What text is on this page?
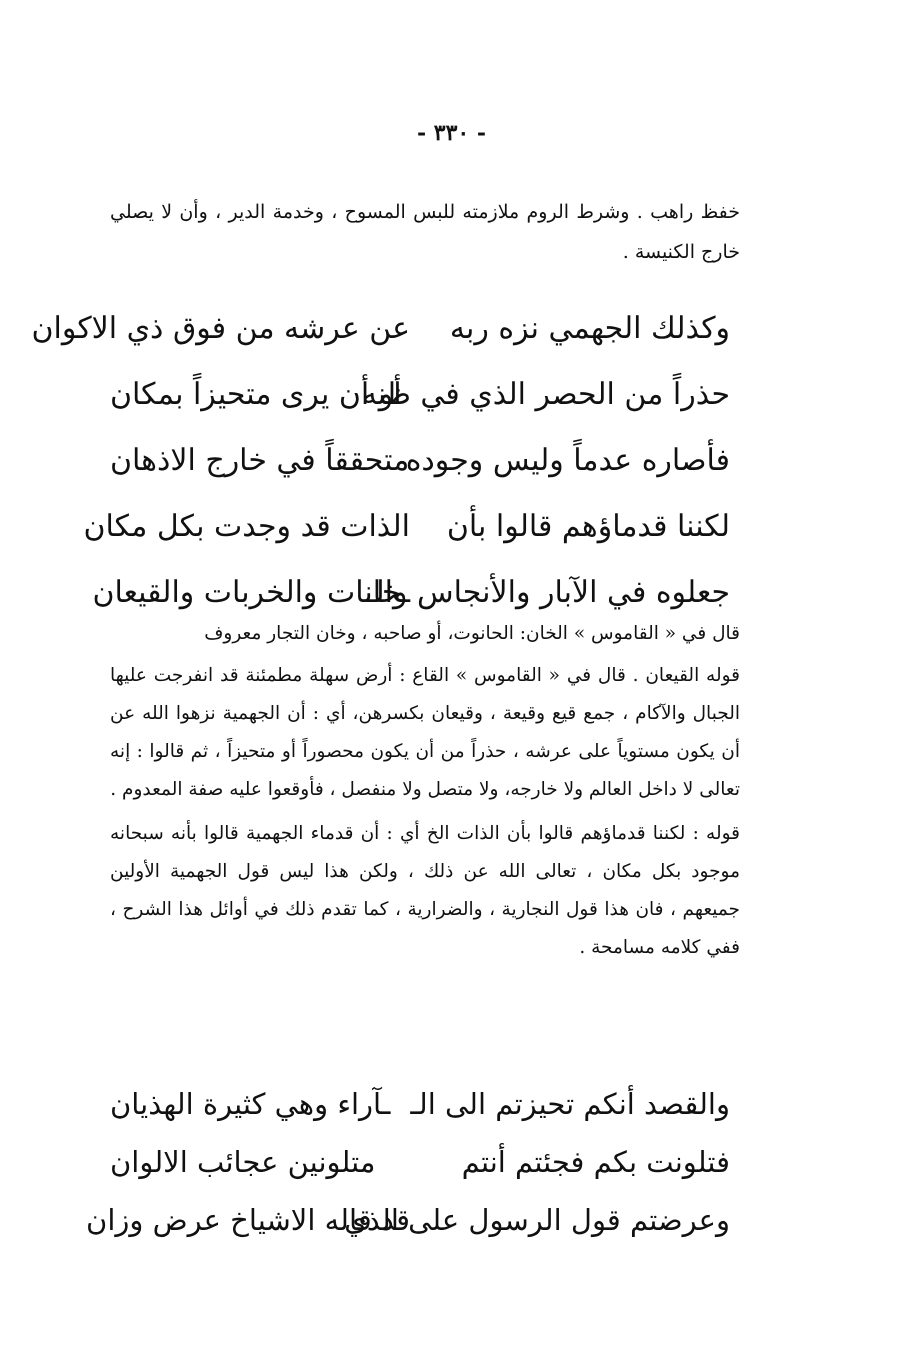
- ٣٣٠ -
خفظ راهب . وشرط الروم ملازمته للبس المسوح ، وخدمة الدير ، وأن لا يصلي خارج الكنيسة .
وكذلك الجهمي نزه ربه
عن عرشه من فوق ذي الاكوان
حذراً من الحصر الذي في ظنه
أو أن يرى متحيزاً بمكان
فأصاره عدماً وليس وجوده
متحققاً في خارج الاذهان
لكننا قدماؤهم قالوا بأن
الذات قد وجدت بكل مكان
جعلوه في الآبار والأنجاس والـ
ـخانات والخربات والقيعان

قال في « القاموس » الخان: الحانوت، أو صاحبه ، وخان التجار معروف

قوله القيعان . قال في « القاموس » القاع : أرض سهلة مطمئنة قد انفرجت عليها الجبال والآكام ، جمع قيع وقيعة ، وقيعان بكسرهن، أي : أن الجهمية نزهوا الله عن أن يكون مستوياً على عرشه ، حذراً من أن يكون محصوراً أو متحيزاً ، ثم قالوا : إنه تعالى لا داخل العالم ولا خارجه، ولا متصل ولا منفصل ، فأوقعوا عليه صفة المعدوم .

قوله : لكننا قدماؤهم قالوا بأن الذات الخ أي : أن قدماء الجهمية قالوا بأنه سبحانه موجود بكل مكان ، تعالى الله عن ذلك ، ولكن هذا ليس قول الجهمية الأولين جميعهم ، فان هذا قول النجارية ، والضرارية ، كما تقدم ذلك في أوائل هذا الشرح ، ففي كلامه مسامحة .

والقصد أنكم تحيزتم الى الـ
ـآراء وهي كثيرة الهذيان
فتلونت بكم فجئتم أنتم
متلونين عجائب الالوان
وعرضتم قول الرسول على الذي
قد قاله الاشياخ عرض وزان
